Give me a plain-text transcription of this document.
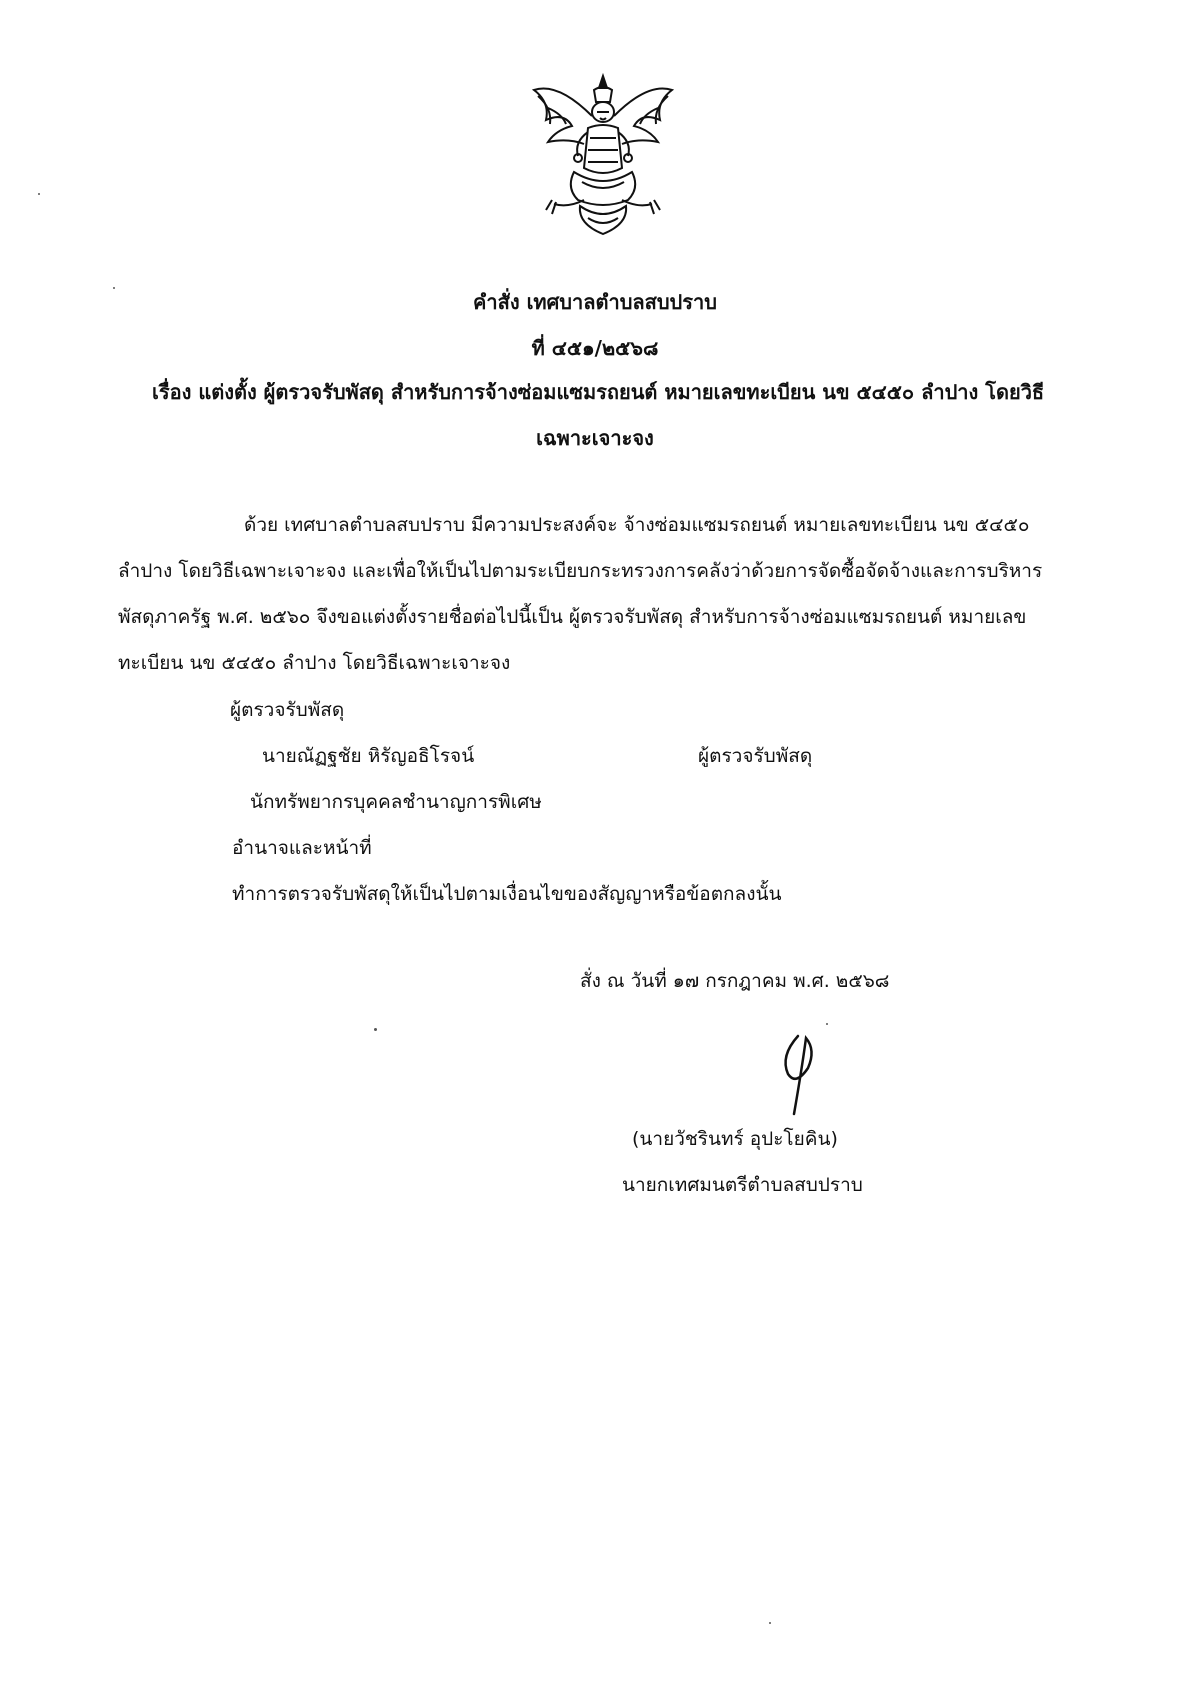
คำสั่ง เทศบาลตำบลสบปราบ
ที่ ๔๕๑/๒๕๖๘
เรื่อง แต่งตั้ง ผู้ตรวจรับพัสดุ สำหรับการจ้างซ่อมแซมรถยนต์ หมายเลขทะเบียน นข ๕๔๕๐ ลำปาง โดยวิธี
เฉพาะเจาะจง
ด้วย เทศบาลตำบลสบปราบ มีความประสงค์จะ จ้างซ่อมแซมรถยนต์ หมายเลขทะเบียน นข ๕๔๕๐
ลำปาง โดยวิธีเฉพาะเจาะจง และเพื่อให้เป็นไปตามระเบียบกระทรวงการคลังว่าด้วยการจัดซื้อจัดจ้างและการบริหาร
พัสดุภาครัฐ พ.ศ. ๒๕๖๐ จึงขอแต่งตั้งรายชื่อต่อไปนี้เป็น ผู้ตรวจรับพัสดุ สำหรับการจ้างซ่อมแซมรถยนต์ หมายเลข
ทะเบียน นข ๕๔๕๐ ลำปาง โดยวิธีเฉพาะเจาะจง
ผู้ตรวจรับพัสดุ
นายณัฏฐชัย หิรัญอธิโรจน์	ผู้ตรวจรับพัสดุ
นักทรัพยากรบุคคลชำนาญการพิเศษ
อำนาจและหน้าที่
ทำการตรวจรับพัสดุให้เป็นไปตามเงื่อนไขของสัญญาหรือข้อตกลงนั้น
สั่ง ณ วันที่ ๑๗ กรกฎาคม พ.ศ. ๒๕๖๘
(นายวัชรินทร์ อุปะโยคิน)
นายกเทศมนตรีตำบลสบปราบ
